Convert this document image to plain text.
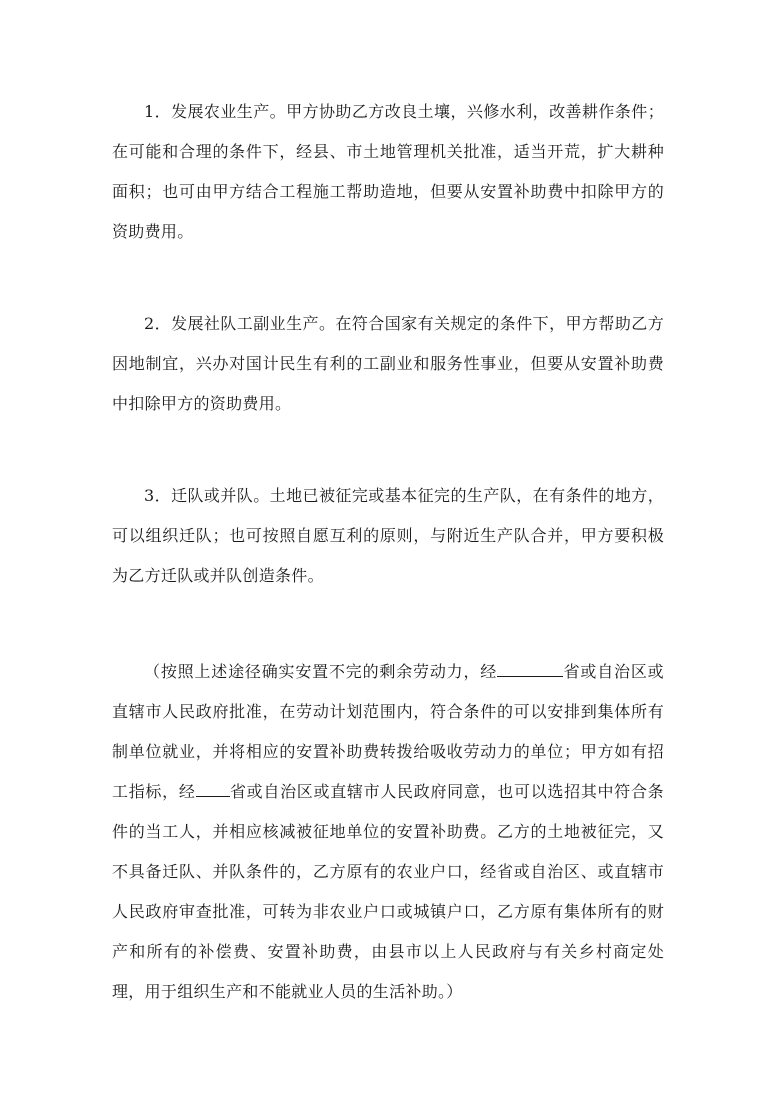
1．发展农业生产。甲方协助乙方改良土壤，兴修水利，改善耕作条件；在可能和合理的条件下，经县、市土地管理机关批准，适当开荒，扩大耕种面积；也可由甲方结合工程施工帮助造地，但要从安置补助费中扣除甲方的资助费用。

2．发展社队工副业生产。在符合国家有关规定的条件下，甲方帮助乙方因地制宜，兴办对国计民生有利的工副业和服务性事业，但要从安置补助费中扣除甲方的资助费用。

3．迁队或并队。土地已被征完或基本征完的生产队，在有条件的地方，可以组织迁队；也可按照自愿互利的原则，与附近生产队合并，甲方要积极为乙方迁队或并队创造条件。

（按照上述途径确实安置不完的剩余劳动力，经	省或自治区或直辖市人民政府批准，在劳动计划范围内，符合条件的可以安排到集体所有制单位就业，并将相应的安置补助费转拨给吸收劳动力的单位；甲方如有招工指标，经 省或自治区或直辖市人民政府同意，也可以选招其中符合条件的当工人，并相应核减被征地单位的安置补助费。乙方的土地被征完，又不具备迁队、并队条件的，乙方原有的农业户口，经省或自治区、或直辖市人民政府审查批准，可转为非农业户口或城镇户口，乙方原有集体所有的财产和所有的补偿费、安置补助费，由县市以上人民政府与有关乡村商定处理，用于组织生产和不能就业人员的生活补助。）
